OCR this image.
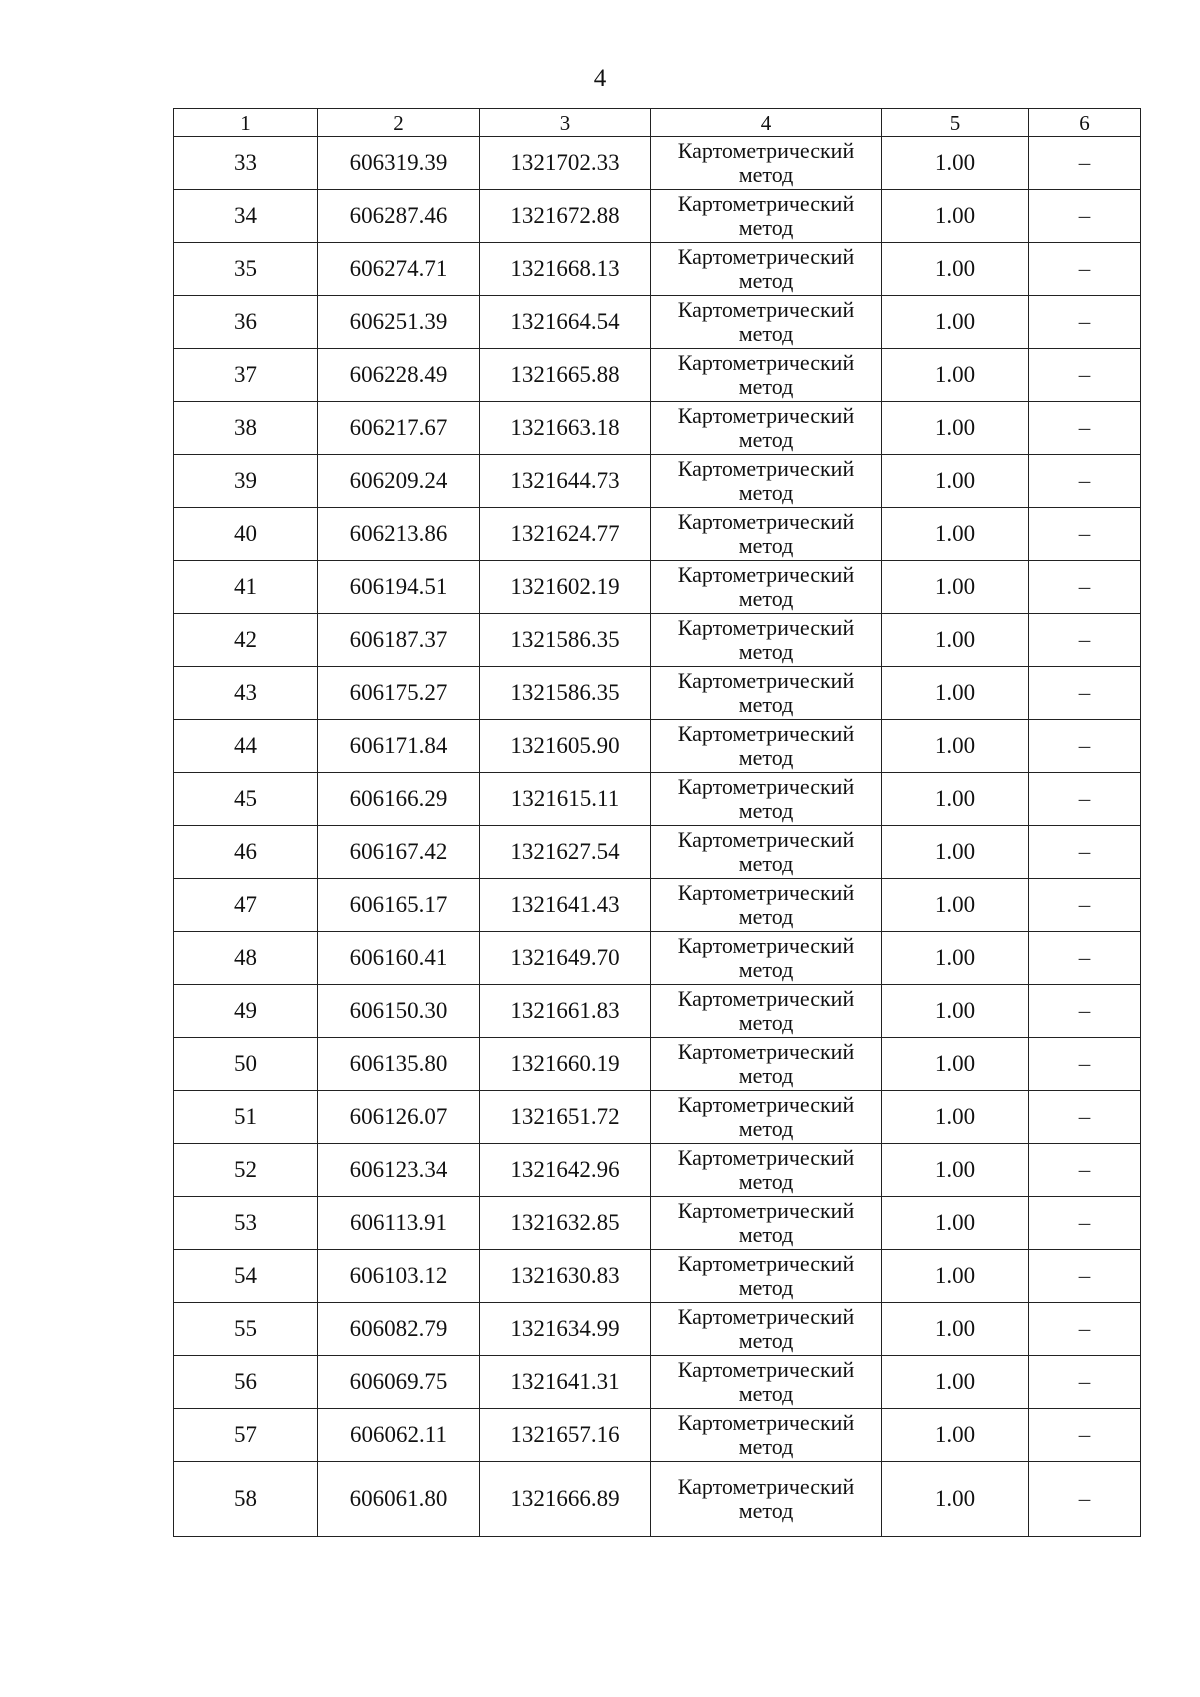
4
1	2	3	4	5	6
33	606319.39	1321702.33	Картометрический
метод	1.00	–
34	606287.46	1321672.88	Картометрический
метод	1.00	–
35	606274.71	1321668.13	Картометрический
метод	1.00	–
36	606251.39	1321664.54	Картометрический
метод	1.00	–
37	606228.49	1321665.88	Картометрический
метод	1.00	–
38	606217.67	1321663.18	Картометрический
метод	1.00	–
39	606209.24	1321644.73	Картометрический
метод	1.00	–
40	606213.86	1321624.77	Картометрический
метод	1.00	–
41	606194.51	1321602.19	Картометрический
метод	1.00	–
42	606187.37	1321586.35	Картометрический
метод	1.00	–
43	606175.27	1321586.35	Картометрический
метод	1.00	–
44	606171.84	1321605.90	Картометрический
метод	1.00	–
45	606166.29	1321615.11	Картометрический
метод	1.00	–
46	606167.42	1321627.54	Картометрический
метод	1.00	–
47	606165.17	1321641.43	Картометрический
метод	1.00	–
48	606160.41	1321649.70	Картометрический
метод	1.00	–
49	606150.30	1321661.83	Картометрический
метод	1.00	–
50	606135.80	1321660.19	Картометрический
метод	1.00	–
51	606126.07	1321651.72	Картометрический
метод	1.00	–
52	606123.34	1321642.96	Картометрический
метод	1.00	–
53	606113.91	1321632.85	Картометрический
метод	1.00	–
54	606103.12	1321630.83	Картометрический
метод	1.00	–
55	606082.79	1321634.99	Картометрический
метод	1.00	–
56	606069.75	1321641.31	Картометрический
метод	1.00	–
57	606062.11	1321657.16	Картометрический
метод	1.00	–
58	606061.80	1321666.89	Картометрический
метод	1.00	–
